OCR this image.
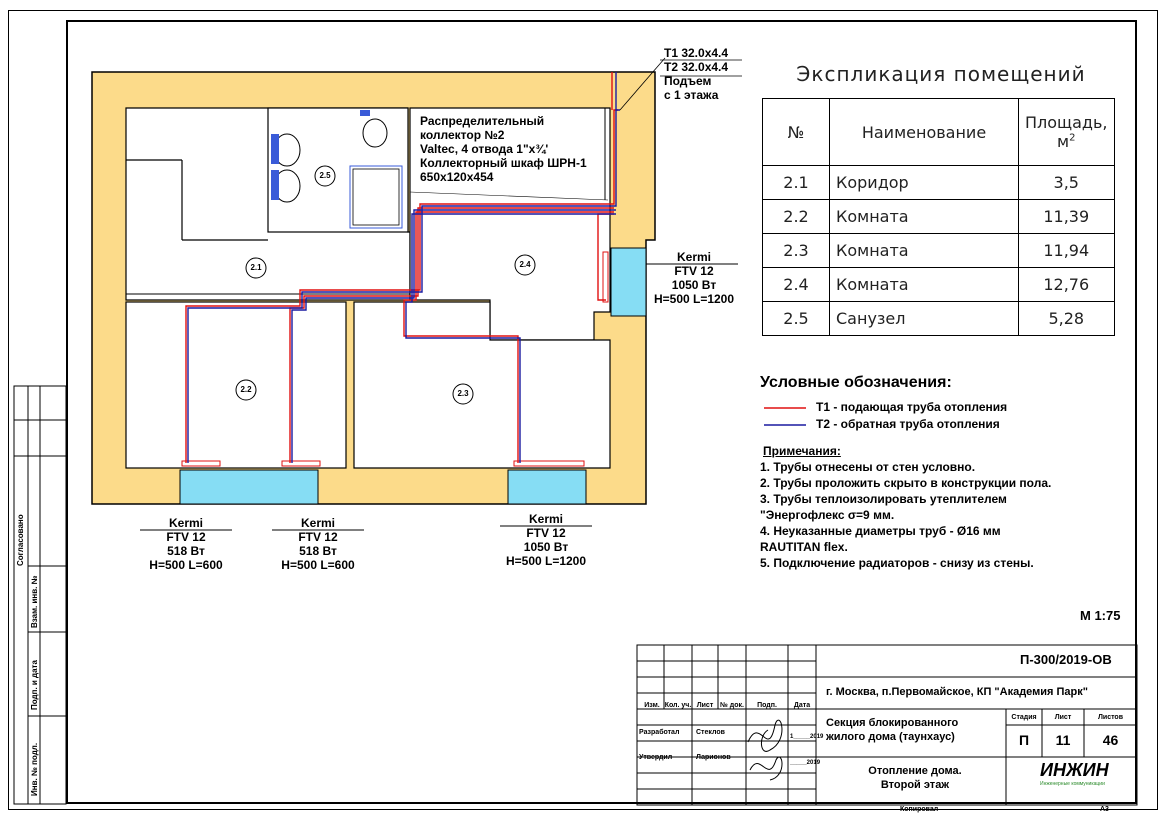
2.1
2.2	2.3
2.4
2.5
Распределительный
коллектор №2
Valtec, 4 отвода 1"x¾'
Коллекторный шкаф ШРН-1
650x120x454
T1 32.0x4.4
T2 32.0x4.4
Подъем
с 1 этажа
Kermi
FTV 12
1050 Вт
H=500 L=1200
Kermi
FTV 12
518 Вт
H=500 L=600
Kermi
FTV 12
518 Вт
H=500 L=600
Kermi
FTV 12
1050 Вт
H=500 L=1200
Экспликация помещений
№	Наименование	Площадь, $м^2$
2.1	Коридор	3,5
2.2	Комната	11,39
2.3	Комната	11,94
2.4	Комната	12,76
2.5	Санузел	5,28
Условные обозначения:
T1 - подающая труба отопления
T2 - обратная труба отопления
Примечания:
1. Трубы отнесены от стен условно.
2. Трубы проложить скрыто в конструкции пола.
3. Трубы теплоизолировать утеплителем "Энергофлекс σ=9 мм.
4. Неуказанные диаметры труб - Ø16 мм RAUTITAN flex.
5. Подключение радиаторов - снизу из стены.
М 1:75
П-300/2019-ОВ
г. Москва, п.Первомайское, КП "Академия Парк"
Секция блокированного
жилого дома (таунхаус)
Отопление дома.
Второй этаж
Изм. Кол. уч. Лист № док.	Подп.	Дата
Разработал Стеклов
1_____2019
Утвердил	Ларионов
_____2019
Стадия	Лист	Листов
П	11	46
ИНЖИН
Инженерные коммуникации
Копировал	А3
Согласовано
Взам. инв. №
Подп. и дата
Инв. № подл.
